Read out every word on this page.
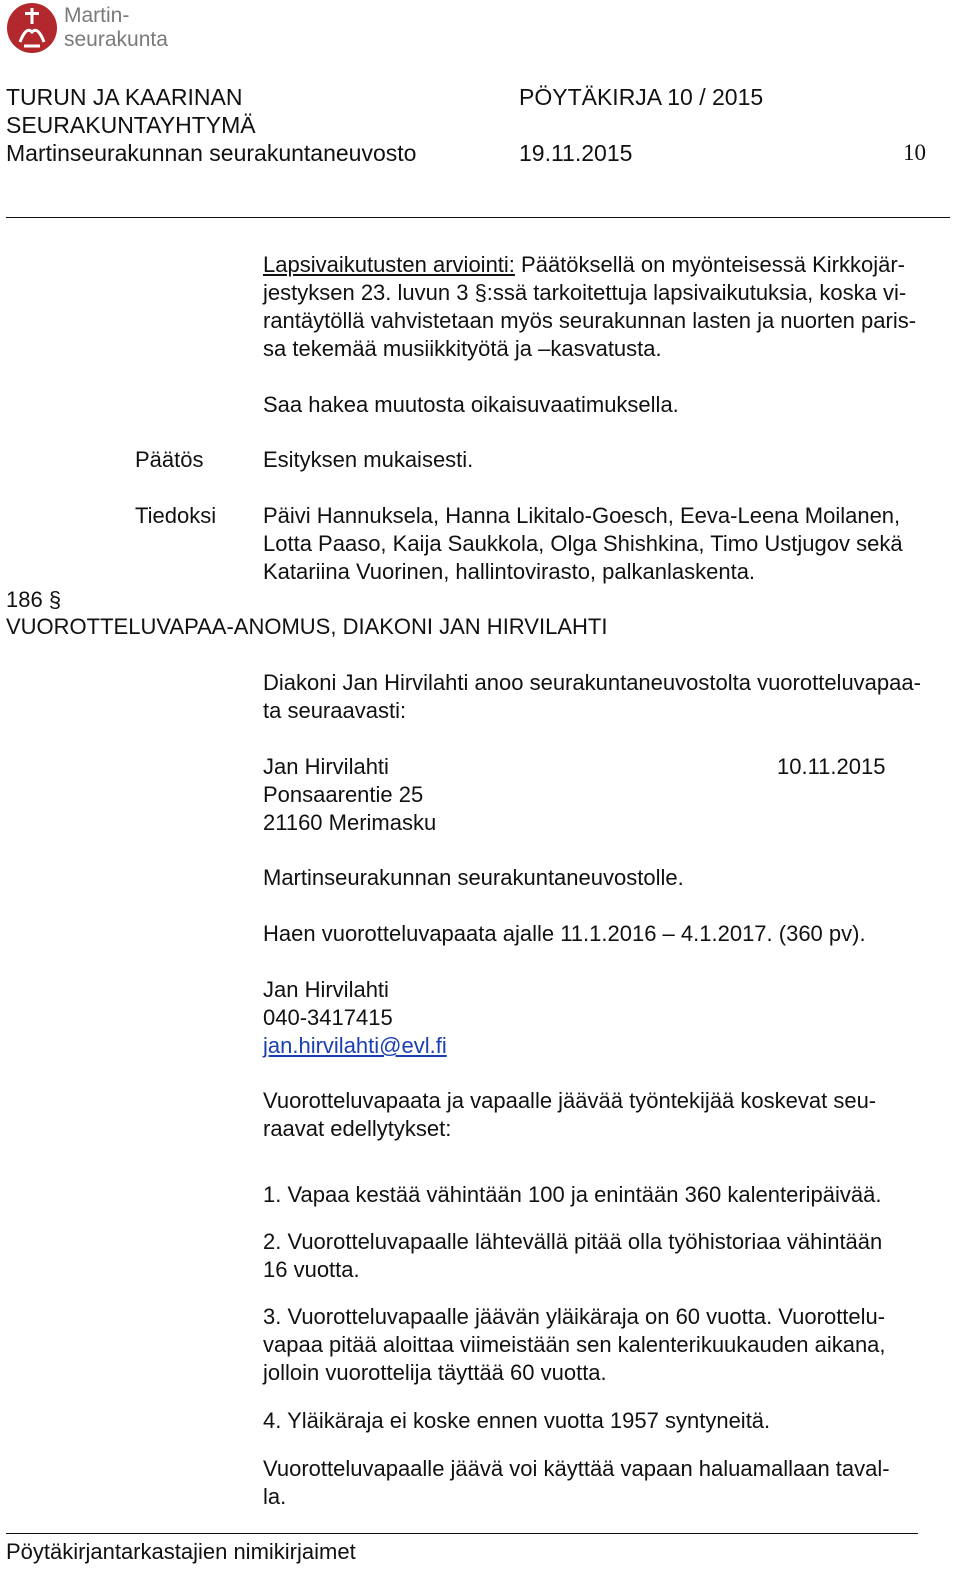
Martin-
seurakunta
TURUN JA KAARINAN
SEURAKUNTAYHTYMÄ
Martinseurakunnan seurakuntaneuvosto
PÖYTÄKIRJA 10 / 2015
19.11.2015	10
Lapsivaikutusten arviointi: Päätöksellä on myönteisessä Kirkkojär-
jestyksen 23. luvun 3 §:ssä tarkoitettuja lapsivaikutuksia, koska vi-
rantäytöllä vahvistetaan myös seurakunnan lasten ja nuorten paris-
sa tekemää musiikkityötä ja –kasvatusta.
Saa hakea muutosta oikaisuvaatimuksella.
Päätös	Esityksen mukaisesti.
Tiedoksi Päivi Hannuksela, Hanna Likitalo-Goesch, Eeva-Leena Moilanen,
Lotta Paaso, Kaija Saukkola, Olga Shishkina, Timo Ustjugov sekä
Katariina Vuorinen, hallintovirasto, palkanlaskenta.
186 §
VUOROTTELUVAPAA-ANOMUS, DIAKONI JAN HIRVILAHTI
Diakoni Jan Hirvilahti anoo seurakuntaneuvostolta vuorotteluvapaa-
ta seuraavasti:
Jan Hirvilahti	10.11.2015
Ponsaarentie 25
21160 Merimasku
Martinseurakunnan seurakuntaneuvostolle.
Haen vuorotteluvapaata ajalle 11.1.2016 – 4.1.2017. (360 pv).
Jan Hirvilahti
040-3417415
jan.hirvilahti@evl.fi
Vuorotteluvapaata ja vapaalle jäävää työntekijää koskevat seu-
raavat edellytykset:
1. Vapaa kestää vähintään 100 ja enintään 360 kalenteripäivää.
2. Vuorotteluvapaalle lähtevällä pitää olla työhistoriaa vähintään
16 vuotta.
3. Vuorotteluvapaalle jäävän yläikäraja on 60 vuotta. Vuorottelu-
vapaa pitää aloittaa viimeistään sen kalenterikuukauden aikana,
jolloin vuorottelija täyttää 60 vuotta.
4. Yläikäraja ei koske ennen vuotta 1957 syntyneitä.
Vuorotteluvapaalle jäävä voi käyttää vapaan haluamallaan taval-
la.
Pöytäkirjantarkastajien nimikirjaimet
